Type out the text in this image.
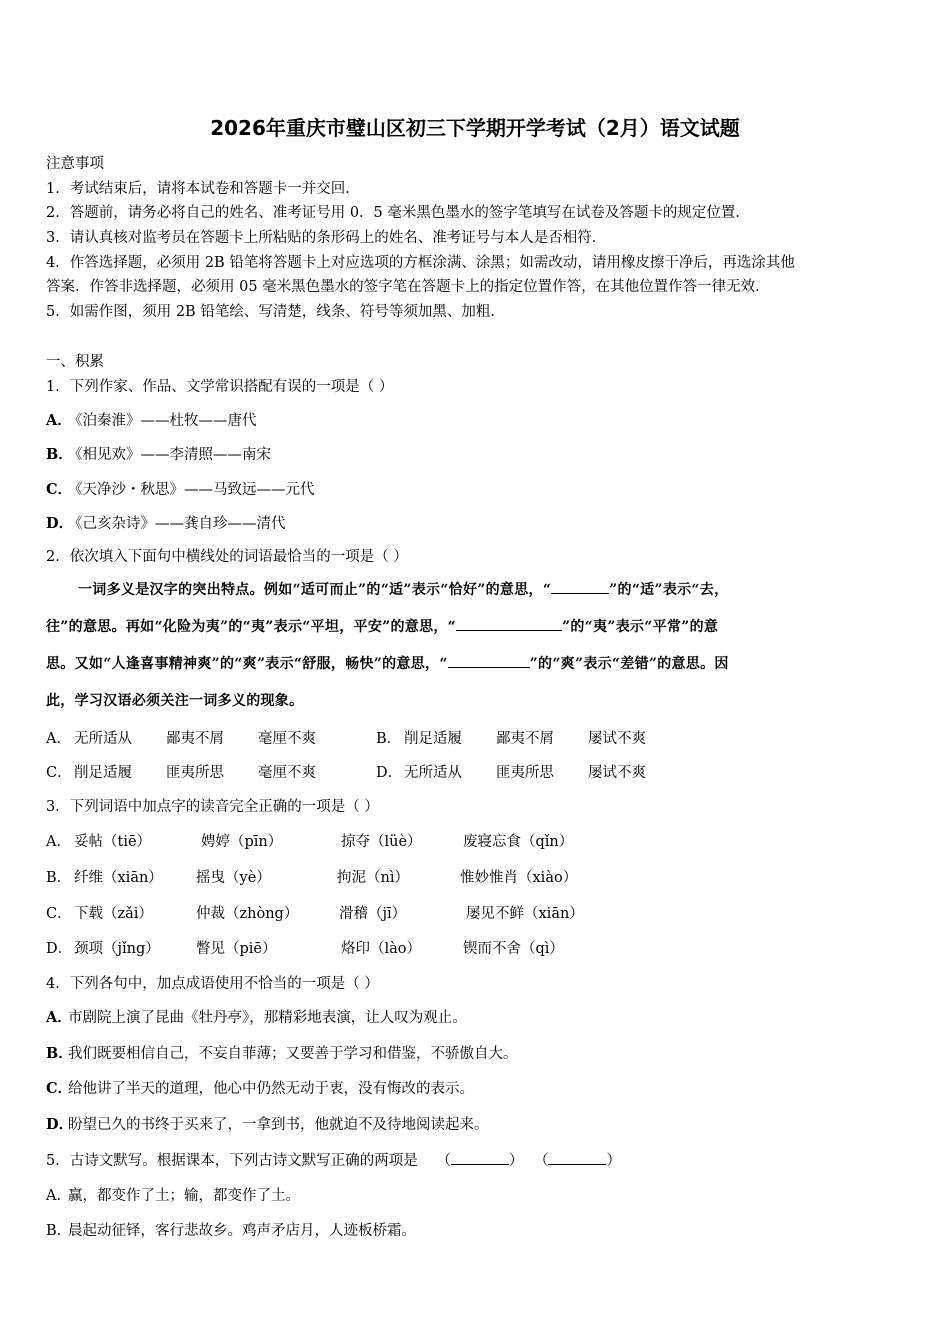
2026年重庆市璧山区初三下学期开学考试（2月）语文试题
注意事项
1．考试结束后，请将本试卷和答题卡一并交回．
2．答题前，请务必将自己的姓名、准考证号用 0．5 毫米黑色墨水的签字笔填写在试卷及答题卡的规定位置．
3．请认真核对监考员在答题卡上所粘贴的条形码上的姓名、准考证号与本人是否相符．
4．作答选择题，必须用 2B 铅笔将答题卡上对应选项的方框涂满、涂黑；如需改动，请用橡皮擦干净后，再选涂其他
答案．作答非选择题，必须用 05 毫米黑色墨水的签字笔在答题卡上的指定位置作答，在其他位置作答一律无效．
5．如需作图，须用 2B 铅笔绘、写清楚，线条、符号等须加黑、加粗．
一、积累
1．下列作家、作品、文学常识搭配有误的一项是（ ）
A．《泊秦淮》——杜牧——唐代
B．《相见欢》——李清照——南宋
C．《天净沙・秋思》——马致远——元代
D．《己亥杂诗》——龚自珍——清代
2．依次填入下面句中横线处的词语最恰当的一项是（ ）
一词多义是汉字的突出特点。例如“适可而止”的“适”表示“恰好”的意思，“	”的“适”表示“去，
往”的意思。再如“化险为夷”的“夷”表示“平坦，平安”的意思，“	”的“夷”表示“平常”的意
思。又如“人逢喜事精神爽”的“爽”表示“舒服，畅快”的意思，“	”的“爽”表示“差错”的意思。因
此，学习汉语必须关注一词多义的现象。
A． 无所适从 鄙夷不屑 毫厘不爽	B． 削足适履 鄙夷不屑 屡试不爽
C． 削足适履 匪夷所思 毫厘不爽	D． 无所适从 匪夷所思 屡试不爽
3．下列词语中加点字的读音完全正确的一项是（ ）
A． 妥帖（tiē）	娉婷（pīn）	掠夺（lüè）	废寝忘食（qǐn）
B． 纤维（xiān） 摇曳（yè）	拘泥（nì）	惟妙惟肖（xiào）
C． 下载（zǎi）	仲裁（zhòng）	滑稽（jī）	屡见不鲜（xiān）
D． 颈项（jǐng） 瞥见（piē）	烙印（lào）	锲而不舍（qì）
4．下列各句中，加点成语使用不恰当的一项是（ ）
A．市剧院上演了昆曲《牡丹亭》，那精彩地表演，让人叹为观止。
B．我们既要相信自己，不妄自菲薄；又要善于学习和借鉴，不骄傲自大。
C．给他讲了半天的道理，他心中仍然无动于衷，没有悔改的表示。
D．盼望已久的书终于买来了，一拿到书，他就迫不及待地阅读起来。
5．古诗文默写。根据课本，下列古诗文默写正确的两项是 （	） （	）
A．赢，都变作了土；输，都变作了土。
B．晨起动征铎，客行悲故乡。鸡声矛店月，人迹板桥霜。
